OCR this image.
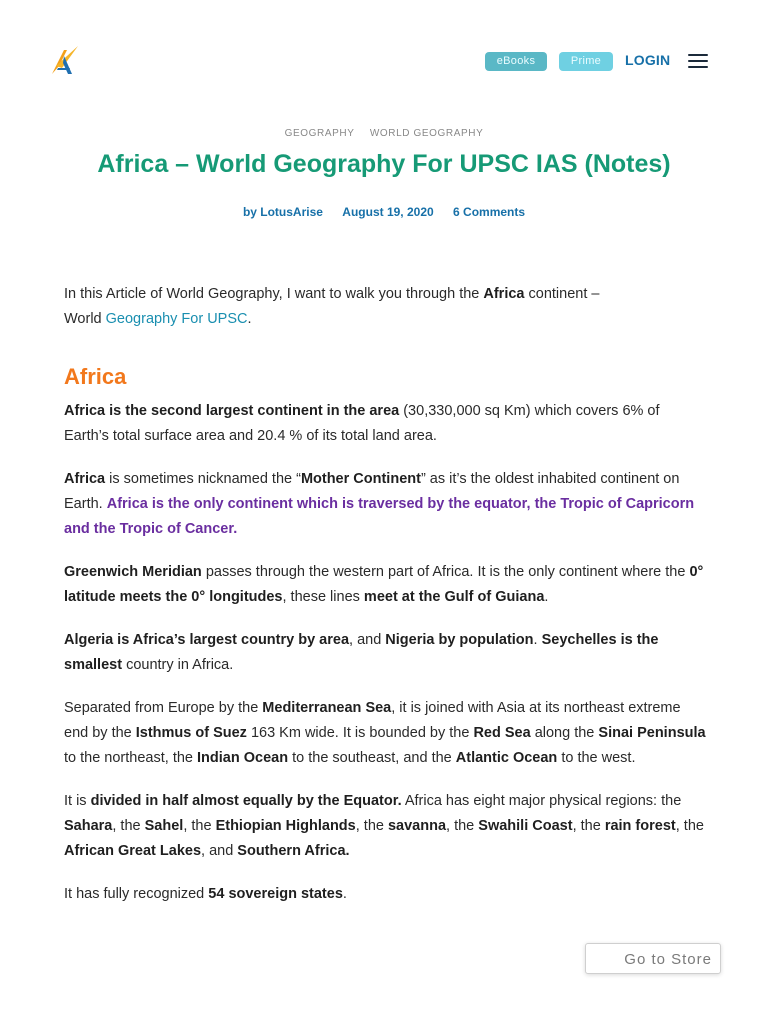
eBooks	Prime	LOGIN
GEOGRAPHY WORLD GEOGRAPHY
Africa – World Geography For UPSC IAS (Notes)
by LotusArise August 19, 2020 6 Comments

In this Article of World Geography, I want to walk you through the Africa continent –
World Geography For UPSC.

Africa

Africa is the second largest continent in the area (30,330,000 sq Km) which covers 6% of Earth’s total surface area and 20.4 % of its total land area.

Africa is sometimes nicknamed the “Mother Continent” as it’s the oldest inhabited continent on Earth. Africa is the only continent which is traversed by the equator, the Tropic of Capricorn and the Tropic of Cancer.

Greenwich Meridian passes through the western part of Africa. It is the only continent where the 0° latitude meets the 0° longitudes, these lines meet at the Gulf of Guiana.

Algeria is Africa’s largest country by area, and Nigeria by population. Seychelles is the smallest country in Africa.

Separated from Europe by the Mediterranean Sea, it is joined with Asia at its northeast extreme end by the Isthmus of Suez 163 Km wide. It is bounded by the Red Sea along the Sinai Peninsula to the northeast, the Indian Ocean to the southeast, and the Atlantic Ocean to the west.

It is divided in half almost equally by the Equator. Africa has eight major physical regions: the Sahara, the Sahel, the Ethiopian Highlands, the savanna, the Swahili Coast, the rain forest, the African Great Lakes, and Southern Africa.

It has fully recognized 54 sovereign states.

Go to Store
